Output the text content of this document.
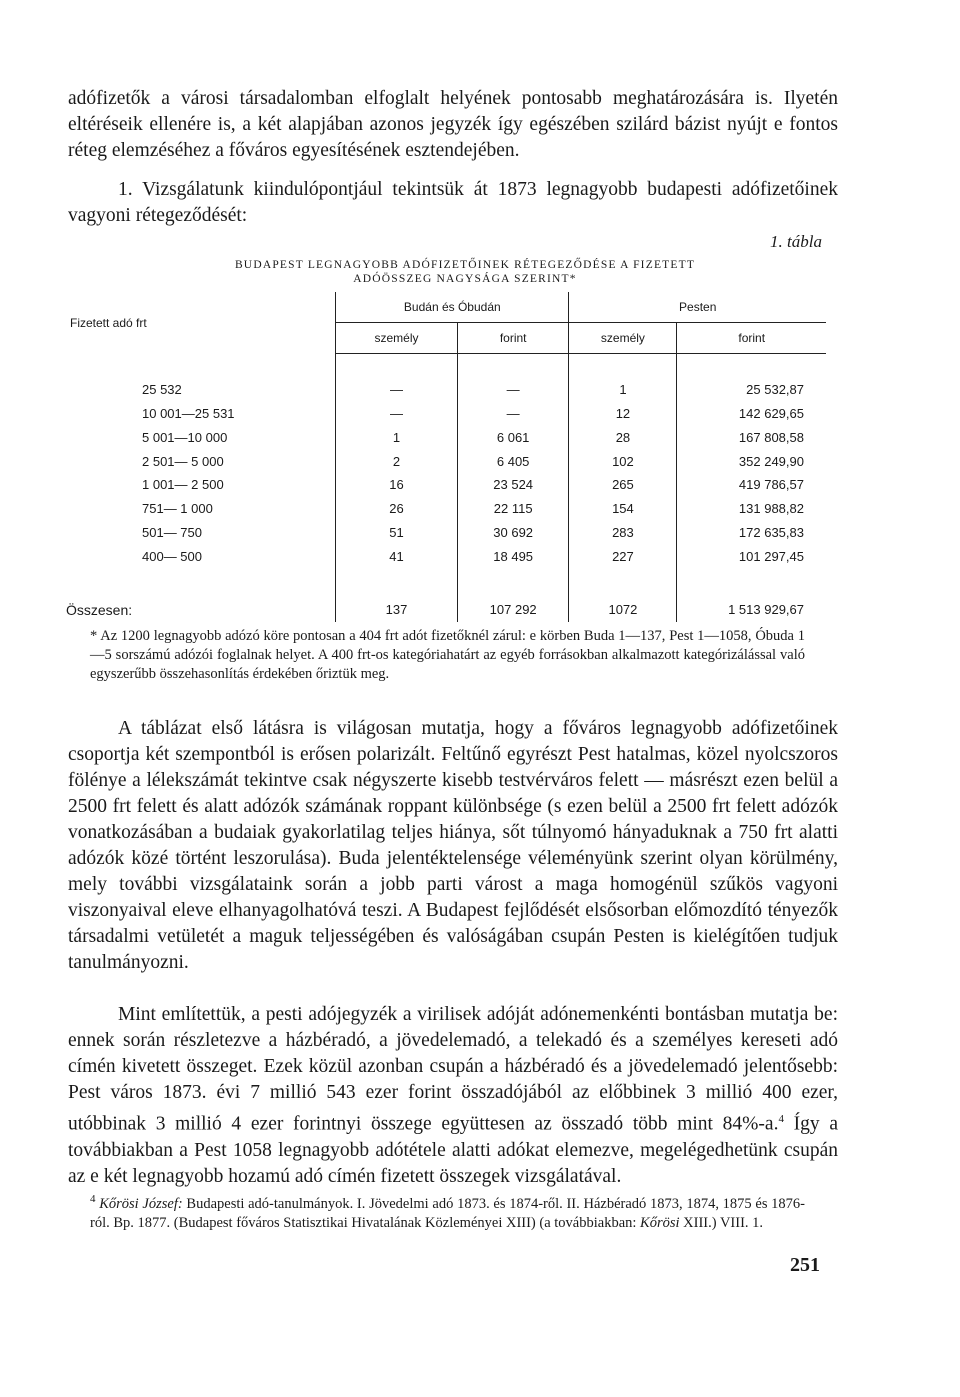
adófizetők a városi társadalomban elfoglalt helyének pontosabb meghatározására is. Ilyetén eltéréseik ellenére is, a két alapjában azonos jegyzék így egészében szilárd bázist nyújt e fontos réteg elemzéséhez a főváros egyesítésének esztendejében.

1. Vizsgálatunk kiindulópontjául tekintsük át 1873 legnagyobb budapesti adófizetőinek vagyoni rétegeződését:

BUDAPEST LEGNAGYOBB ADÓFIZETŐINEK RÉTEGEZŐDÉSE A FIZETETT
ADÓÖSSZEG NAGYSÁGA SZERINT*
1. tábla
Fizetett adó frt	Budán és Óbudán		Pesten	
	személy	forint	személy	forint

25 532	—	—	1	25 532,87
10 001—25 531	—	—	12	142 629,65
5 001—10 000	1	6 061	28	167 808,58
2 501— 5 000	2	6 405	102	352 249,90
1 001— 2 500	16	23 524	265	419 786,57
751— 1 000	26	22 115	154	131 988,82
501— 750	51	30 692	283	172 635,83
400— 500	41	18 495	227	101 297,45

Összesen:	137	107 292	1072	1 513 929,67

* Az 1200 legnagyobb adózó köre pontosan a 404 frt adót fizetőknél zárul: e körben Buda 1—137, Pest 1—1058, Óbuda 1—5 sorszámú adózói foglalnak helyet. A 400 frt-os kategóriahatárt az egyéb forrásokban alkalmazott kategórizálással való egyszerűbb összehasonlítás érdekében őriztük meg.

A táblázat első látásra is világosan mutatja, hogy a főváros legnagyobb adófizetőinek csoportja két szempontból is erősen polarizált. Feltűnő egyrészt Pest hatalmas, közel nyolcszoros fölénye a lélekszámát tekintve csak négyszerte kisebb testvérváros felett — másrészt ezen belül a 2500 frt felett és alatt adózók számának roppant különbsége (s ezen belül a 2500 frt felett adózók vonatkozásában a budaiak gyakorlatilag teljes hiánya, sőt túlnyomó hányaduknak a 750 frt alatti adózók közé történt leszorulása). Buda jelentéktelensége véleményünk szerint olyan körülmény, mely további vizsgálataink során a jobb parti várost a maga homogénül szűkös vagyoni viszonyaival eleve elhanyagolhatóvá teszi. A Budapest fejlődését elsősorban előmozdító tényezők társadalmi vetületét a maguk teljességében és valóságában csupán Pesten is kielégítően tudjuk tanulmányozni.

Mint említettük, a pesti adójegyzék a virilisek adóját adónemenkénti bontásban mutatja be: ennek során részletezve a házbéradó, a jövedelemadó, a telekadó és a személyes kereseti adó címén kivetett összeget. Ezek közül azonban csupán a házbéradó és a jövedelemadó jelentősebb: Pest város 1873. évi 7 millió 543 ezer forint összadójából az előbbinek 3 millió 400 ezer, utóbbinak 3 millió 4 ezer forintnyi összege együttesen az összadó több mint 84%-a.$^4$ Így a továbbiakban a Pest 1058 legnagyobb adótétele alatti adókat elemezve, megelégedhetünk csupán az e két legnagyobb hozamú adó címén fizetett összegek vizsgálatával.

$^4$ Kőrösi József: Budapesti adó-tanulmányok. I. Jövedelmi adó 1873. és 1874-ről. II. Házbéradó 1873, 1874, 1875 és 1876-ról. Bp. 1877. (Budapest főváros Statisztikai Hivatalának Közleményei XIII) (a továbbiakban: Kőrösi XIII.) VIII. 1.

251
